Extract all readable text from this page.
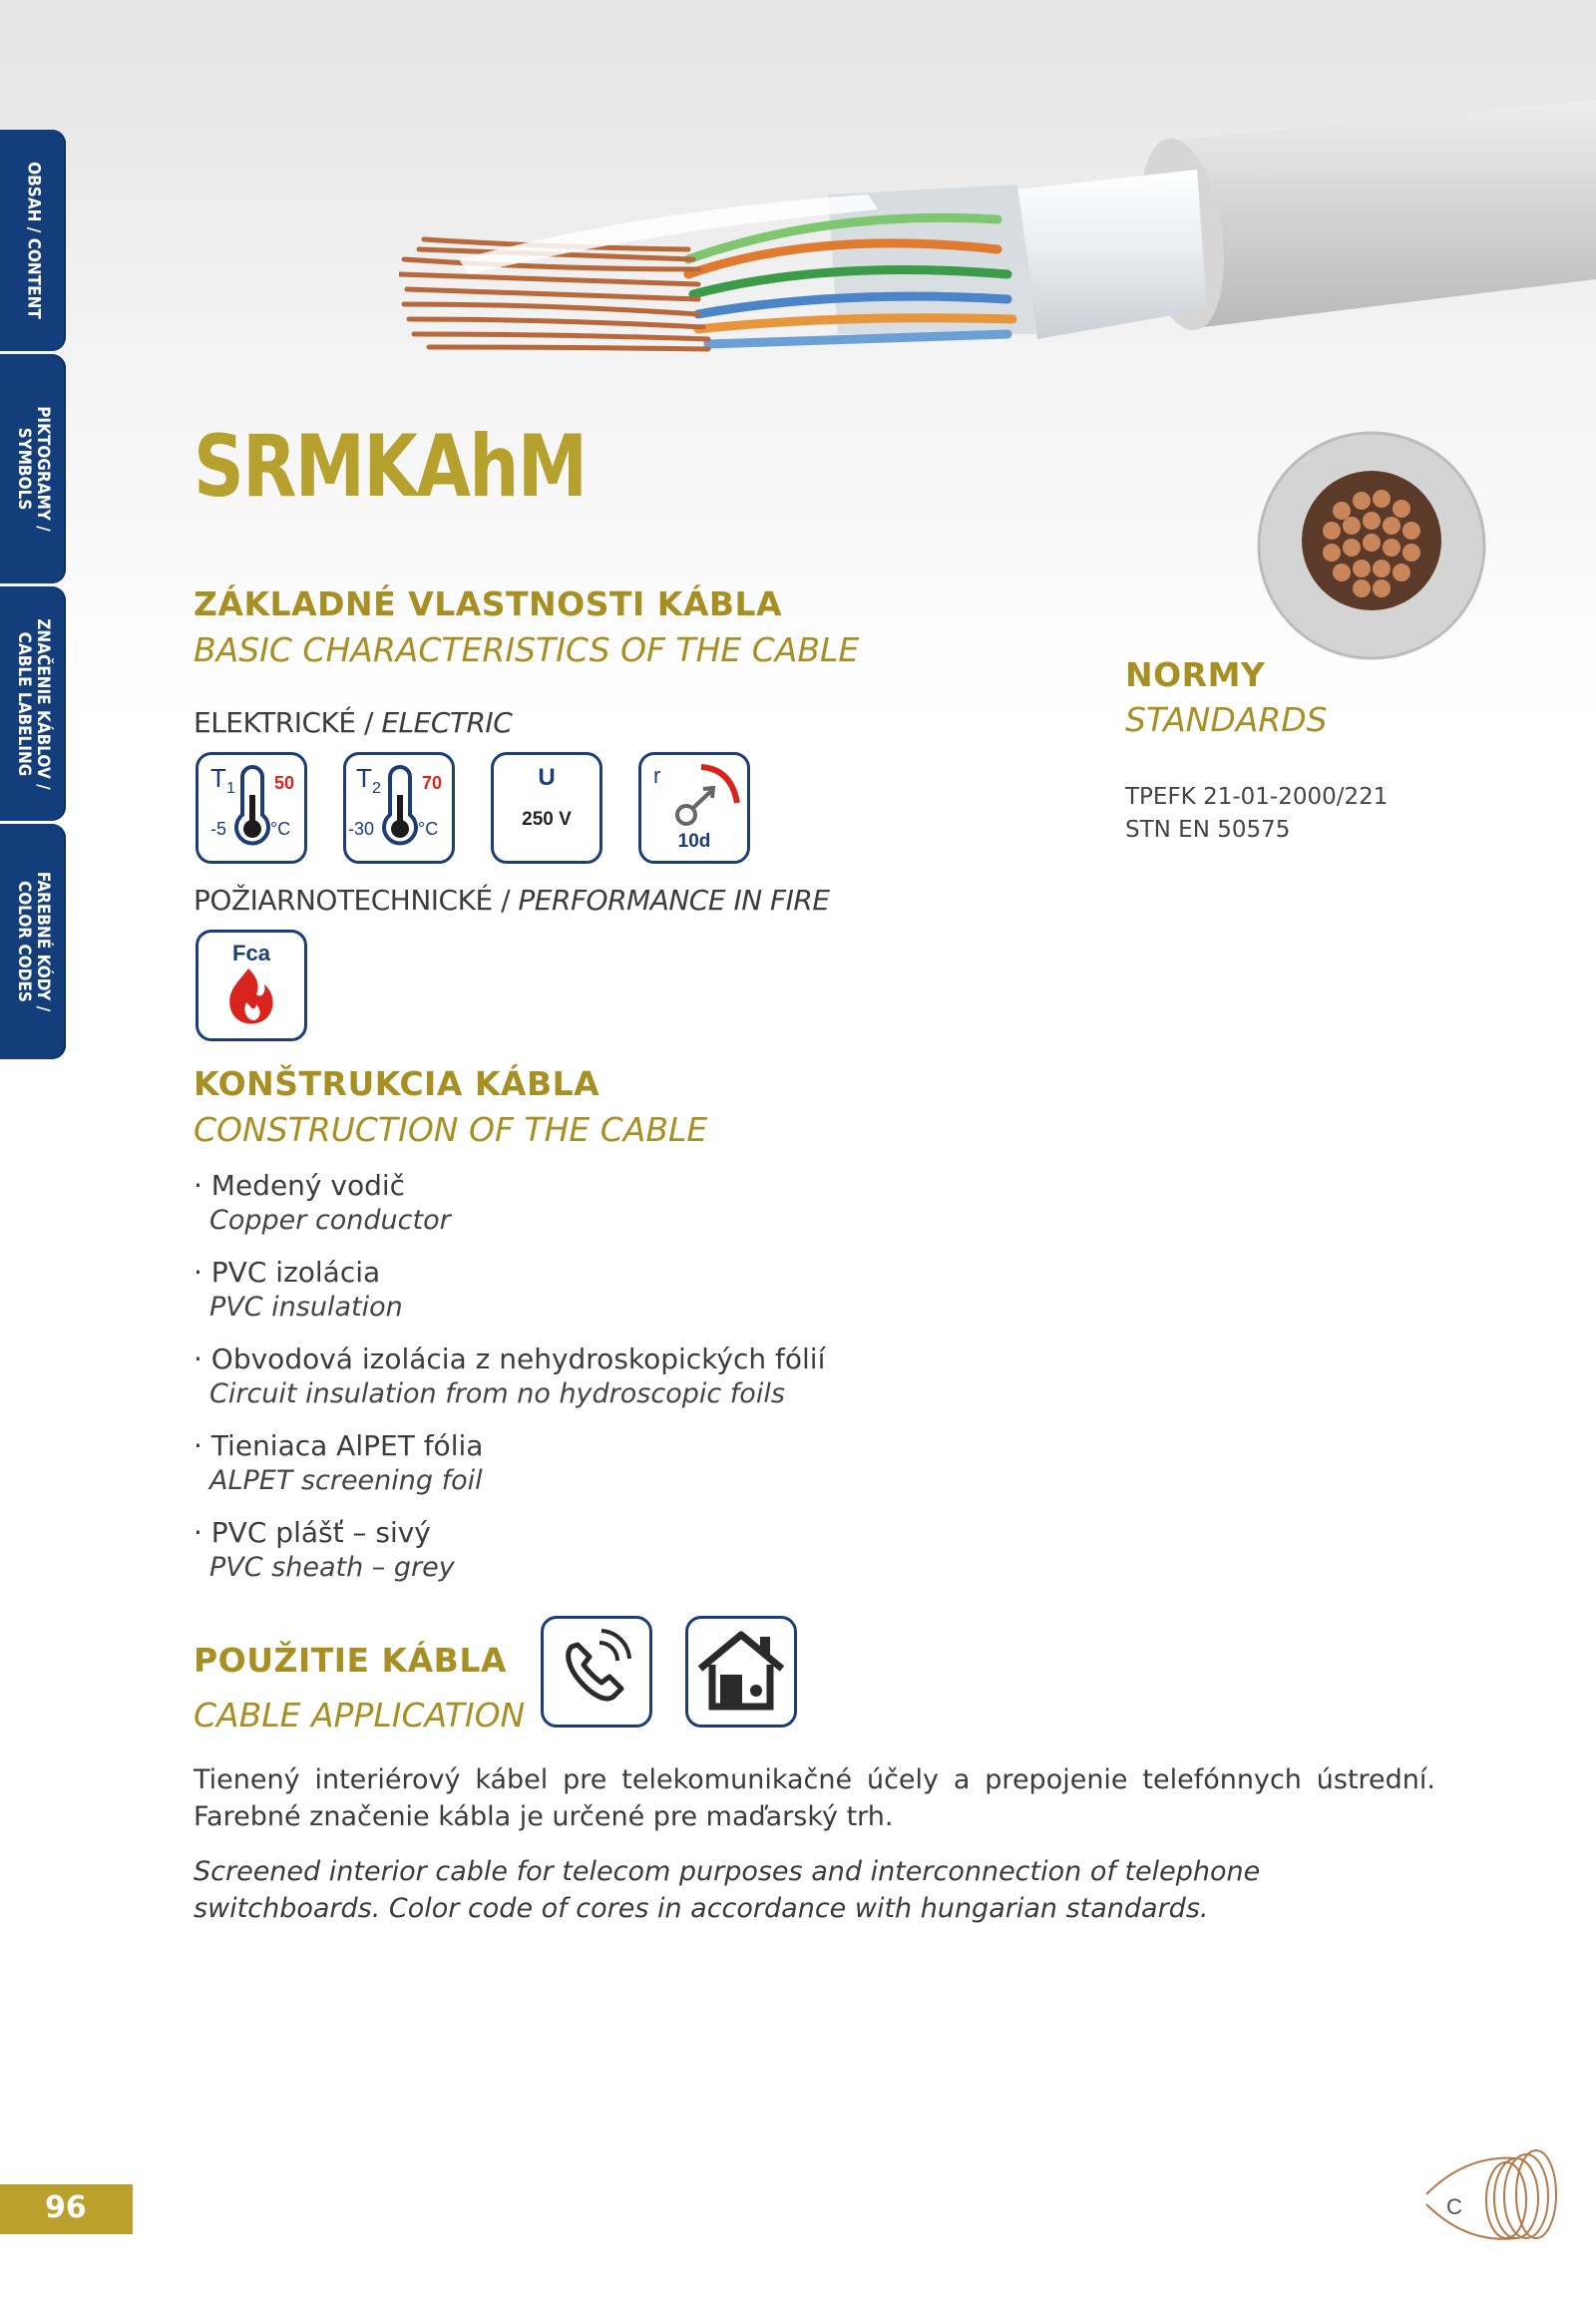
OBSAH / CONTENT
PIKTOGRAMY /
SYMBOLS
ZNAČENIE KÁBLOV /
CABLE LABELING
FAREBNÉ KÓDY /
COLOR CODES
SRMKAhM
ZÁKLADNÉ VLASTNOSTI KÁBLA
BASIC CHARACTERISTICS OF THE CABLE
ELEKTRICKÉ / ELECTRIC
T 1 50
-5 °C
T 2 70
-30 °C
U
250 V
r
10d
POŽIARNOTECHNICKÉ / PERFORMANCE IN FIRE
Fca
KONŠTRUKCIA KÁBLA
CONSTRUCTION OF THE CABLE
· Medený vodič
Copper conductor
· PVC izolácia
PVC insulation
· Obvodová izolácia z nehydroskopických fólií
Circuit insulation from no hydroscopic foils
· Tieniaca AlPET fólia
ALPET screening foil
· PVC plášť – sivý
PVC sheath – grey
POUŽITIE KÁBLA
CABLE APPLICATION
Tienený interiérový kábel pre telekomunikačné účely a prepojenie telefónnych ústrední. Farebné značenie kábla je určené pre maďarský trh.
Screened interior cable for telecom purposes and interconnection of telephone switchboards. Color code of cores in accordance with hungarian standards.
NORMY
STANDARDS
TPEFK 21-01-2000/221
STN EN 50575
96	C
